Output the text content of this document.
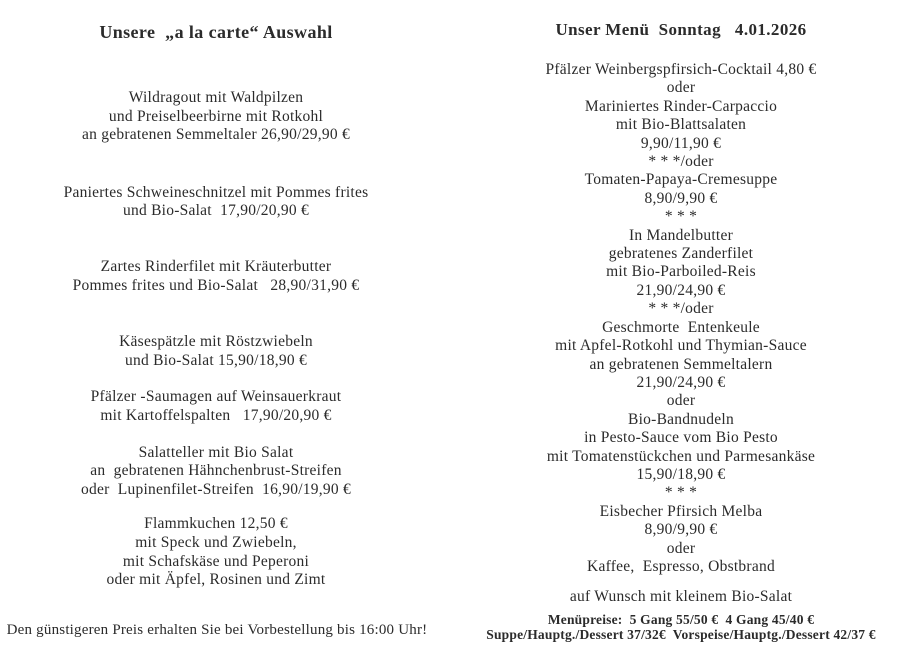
Unsere  „a la carte“ Auswahl
Wildragout mit Waldpilzen
und Preiselbeerbirne mit Rotkohl
an gebratenen Semmeltaler 26,90/29,90 €
Paniertes Schweineschnitzel mit Pommes frites
und Bio-Salat  17,90/20,90 €
Zartes Rinderfilet mit Kräuterbutter
Pommes frites und Bio-Salat   28,90/31,90 €
Käsespätzle mit Röstzwiebeln
und Bio-Salat 15,90/18,90 €
Pfälzer -Saumagen auf Weinsauerkraut
mit Kartoffelspalten   17,90/20,90 €
Salatteller mit Bio Salat
an  gebratenen Hähnchenbrust-Streifen
oder  Lupinenfilet-Streifen  16,90/19,90 €
Flammkuchen 12,50 €
mit Speck und Zwiebeln,
mit Schafskäse und Peperoni
oder mit Äpfel, Rosinen und Zimt
Den günstigeren Preis erhalten Sie bei Vorbestellung bis 16:00 Uhr!
Unser Menü  Sonntag   4.01.2026
Pfälzer Weinbergspfirsich-Cocktail 4,80 €
oder
Mariniertes Rinder-Carpaccio
mit Bio-Blattsalaten
9,90/11,90 €
* * */oder
Tomaten-Papaya-Cremesuppe
8,90/9,90 €
* * *
In Mandelbutter
gebratenes Zanderfilet
mit Bio-Parboiled-Reis
21,90/24,90 €
* * */oder
Geschmorte  Entenkeule
mit Apfel-Rotkohl und Thymian-Sauce
an gebratenen Semmeltalern
21,90/24,90 €
oder
Bio-Bandnudeln
in Pesto-Sauce vom Bio Pesto
mit Tomatenstückchen und Parmesankäse
15,90/18,90 €
* * *
Eisbecher Pfirsich Melba
8,90/9,90 €
oder
Kaffee,  Espresso, Obstbrand
auf Wunsch mit kleinem Bio-Salat
Menüpreise:  5 Gang 55/50 €  4 Gang 45/40 €
Suppe/Hauptg./Dessert 37/32€  Vorspeise/Hauptg./Dessert 42/37 €
